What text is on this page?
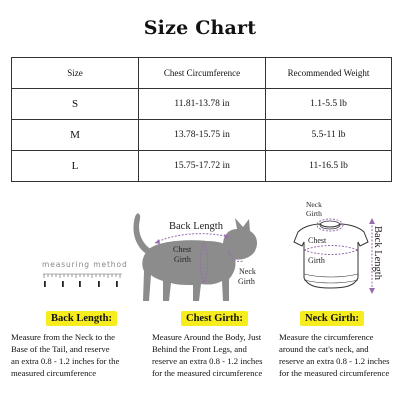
Size Chart
Size	Chest Circumference	Recommended Weight
S	11.81-13.78 in	1.1-5.5 lb
M	13.78-15.75 in	5.5-11 lb
L	15.75-17.72 in	11-16.5 lb
measuring method
Back Length
Chest
Girth
Neck
Girth
Neck
Girth
Chest
Girth	Back Length
Back Length:	Chest Girth:	Neck Girth:
Measure from the Neck to the
Base of the Tail, and reserve
an extra 0.8 - 1.2 inches for the
measured circumference
Measure Around the Body, Just
Behind the Front Legs, and
reserve an extra 0.8 - 1.2 inches
for the measured circumference
Measure the circumference
around the cat's neck, and
reserve an extra 0.8 - 1.2 inches
for the measured circumference
